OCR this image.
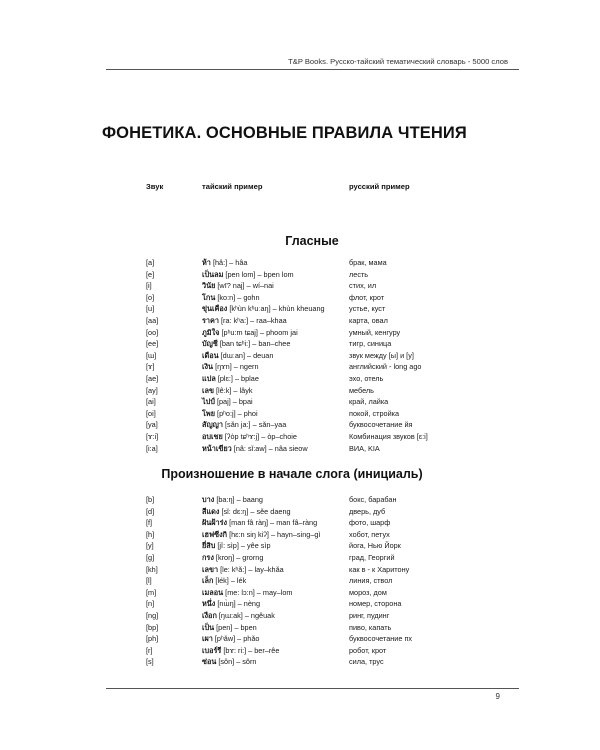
T&P Books. Русско-тайский тематический словарь - 5000 слов
ФОНЕТИКА. ОСНОВНЫЕ ПРАВИЛА ЧТЕНИЯ
Звук	тайский пример	русский пример
Гласные
[a]	ห้า [hâ:] – hâa	брак, мама
[e]	เป็นลม [pen lom] – bpen lom	лесть
[i]	วินัย [wī? naj] – wí–nai	стих, ил
[o]	โกน [ko:n] – gohn	флот, крот
[u]	ขุ่นเคือง [kʰùn kʰuːaŋ] – khùn kheuang	устье, куст
[aa]	ราคา [ra: kʰa:] – raa–khaa	карта, овал
[oo]	ภูมิใจ [pʰu:m tɕaj] – phoom jai	умный, кенгуру
[ee]	บัญชี [ban tɕʰi:] – ban–chee	тигр, синица
[ɯ]	เดือน [dɯːan] – deuan	звук между [ы] и [у]
[ɤ]	เงิน [ŋɤn] – ngern	английский - long ago
[ae]	แปล [plɛ:] – bplae	эхо, отель
[ay]	เลข [lê:k] – lâyk	мебель
[ai]	ไปป์ [paj] – bpai	край, лайка
[oi]	โพย [pʰo:j] – phoi	покой, стройка
[ya]	สัญญา [sǎn ja:] – sǎn–yaa	буквосочетание йя
[ɤ:i]	อบเชย [ʔòp tɕʰɤ:j] – òp–choie	Комбинация звуков [ɛ:i]
[i:a]	หน้าเขียว [nâ: sǐ:aw] – nâa sieow	ВИА, KIA
Произношение в начале слога (инициаль)
[b]	บาง [ba:ŋ] – baang	бокс, барабан
[d]	สีแดง [sǐ: dɛ:ŋ] – sěe daeng	дверь, дуб
[f]	ฝันฝ้าร่ง [man fâ ràŋ] – man fâ–ràng	фото, шарф
[h]	เฮฟซีงกิ [hɛ:n siŋ kiʔ] – hayn–sing–gì	хобот, петух
[y]	ยี่สิบ [jî: sìp] – yêe sìp	йога, Нью Йорк
[g]	กรง [kroŋ] – grorng	град, Георгий
[kh]	เลขา [le: kʰǎ:] – lay–khǎa	как в - к Харитону
[l]	เล็ก [lék] – lék	линия, ствол
[m]	เมลอน [me: lɔ:n] – may–lom	мороз, дом
[n]	หนึ่ง [nɯ̀ŋ] – nèng	номер, сторона
[ng]	เงือก [ŋɯ:ak] – ngêuak	ринг, пудинг
[bp]	เป็น [pen] – bpen	пиво, капать
[ph]	เผา [pʰǎw] – phǎo	буквосочетание пх
[r]	เบอร์รี [bɤ: ri:] – ber–rêe	робот, крот
[s]	ซ่อน [sôn] – sôrn	сила, трус
9
